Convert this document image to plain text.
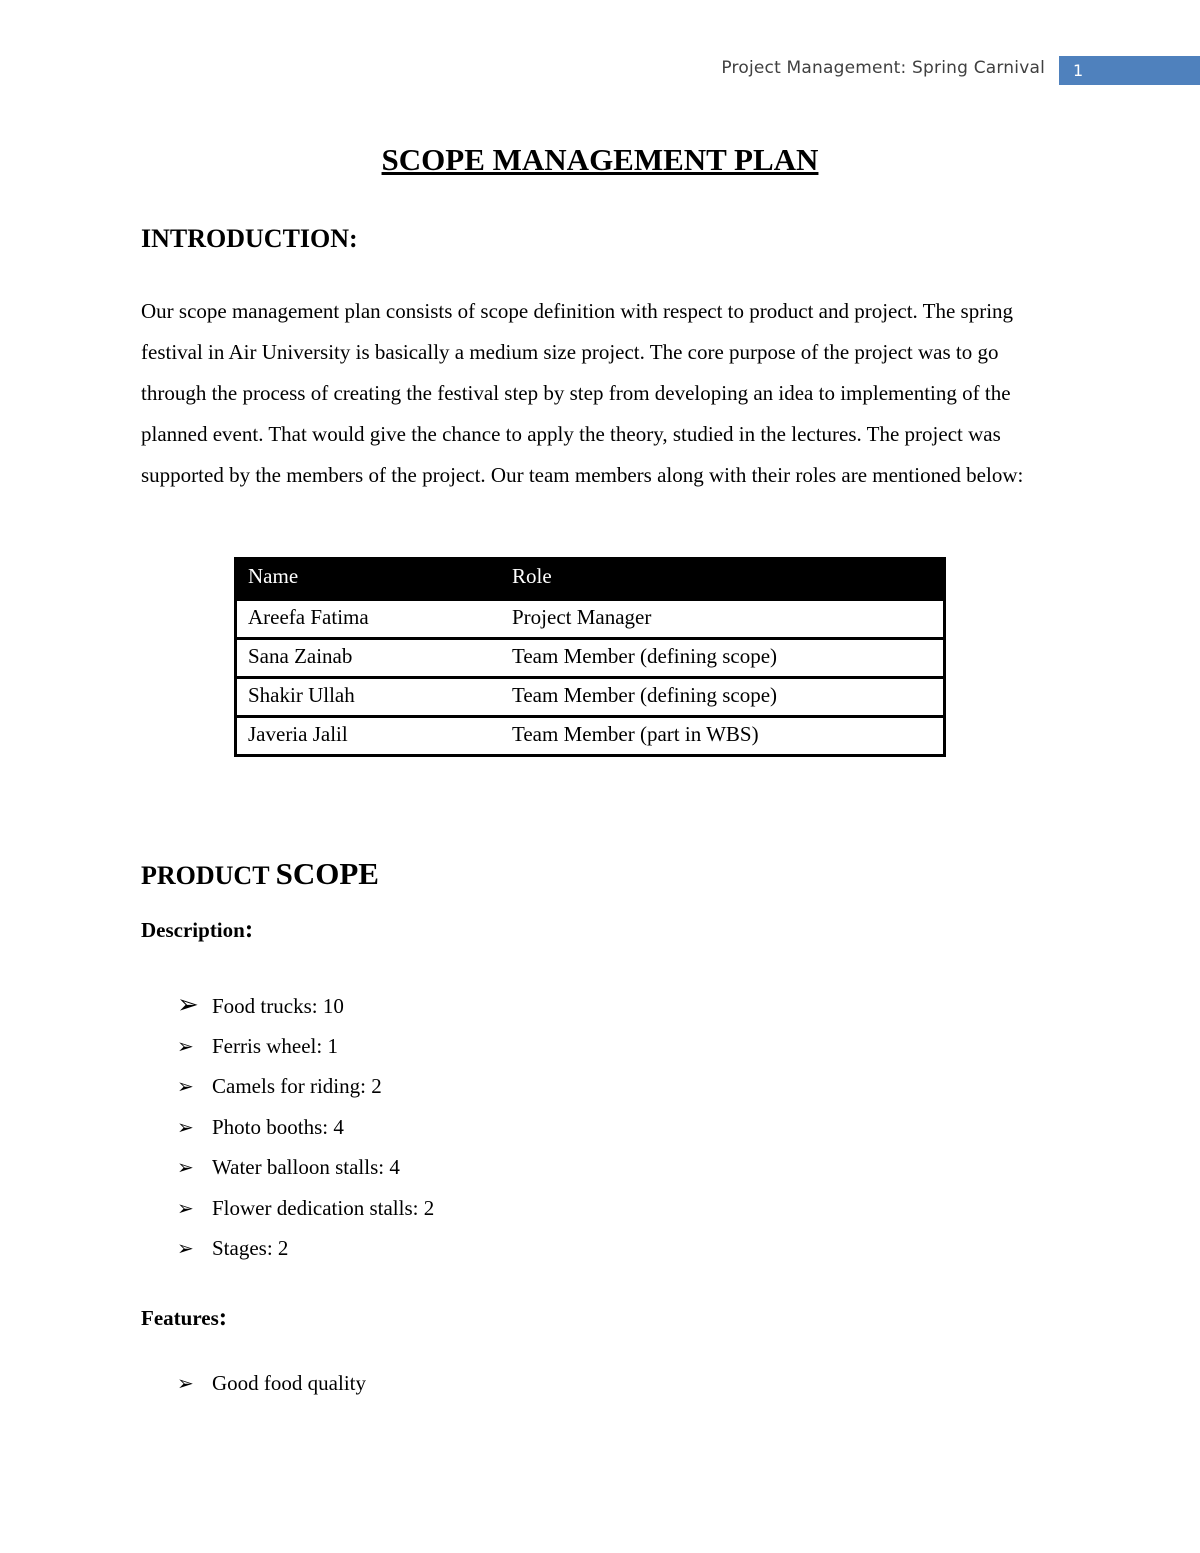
Project Management: Spring Carnival	1
SCOPE MANAGEMENT PLAN
INTRODUCTION:

Our scope management plan consists of scope definition with respect to product and project. The spring festival in Air University is basically a medium size project. The core purpose of the project was to go through the process of creating the festival step by step from developing an idea to implementing of the planned event. That would give the chance to apply the theory, studied in the lectures. The project was supported by the members of the project. Our team members along with their roles are mentioned below:

Name	Role
Areefa Fatima	Project Manager
Sana Zainab	Team Member (defining scope)
Shakir Ullah	Team Member (defining scope)
Javeria Jalil	Team Member (part in WBS)
PRODUCT SCOPE
Description:
➢ Food trucks: 10
➢ Ferris wheel: 1
➢ Camels for riding: 2
➢ Photo booths: 4
➢ Water balloon stalls: 4
➢ Flower dedication stalls: 2
➢ Stages: 2
Features:
➢ Good food quality
